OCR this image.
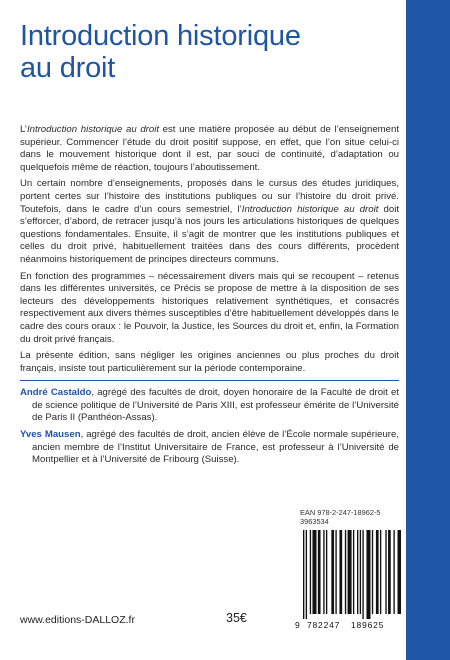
Introduction historique
au droit

L’Introduction historique au droit est une matière proposée au début de l’enseignement supérieur. Commencer l’étude du droit positif suppose, en effet, que l’on situe celui-ci dans le mouvement historique dont il est, par souci de continuité, d’adaptation ou quelquefois même de réaction, toujours l’aboutissement.

Un certain nombre d’enseignements, proposés dans le cursus des études juridiques, portent certes sur l’histoire des institutions publiques ou sur l’histoire du droit privé. Toutefois, dans le cadre d’un cours semestriel, l’Introduction historique au droit doit s’efforcer, d’abord, de retracer jusqu’à nos jours les articulations historiques de quelques questions fondamentales. Ensuite, il s’agit de montrer que les institutions publiques et celles du droit privé, habituellement traitées dans des cours différents, procèdent néanmoins historiquement de principes directeurs communs.

En fonction des programmes – nécessairement divers mais qui se recoupent – retenus dans les différentes universités, ce Précis se propose de mettre à la disposition de ses lecteurs des développements historiques relativement synthétiques, et consacrés respectivement aux divers thèmes susceptibles d’être habituellement développés dans le cadre des cours oraux : le Pouvoir, la Justice, les Sources du droit et, enfin, la Formation du droit privé français.

La présente édition, sans négliger les origines anciennes ou plus proches du droit français, insiste tout particulièrement sur la période contemporaine.

André Castaldo, agrégé des facultés de droit, doyen honoraire de la Faculté de droit et de science politique de l’Université de Paris XIII, est professeur émérite de l’Université de Paris II (Panthéon-Assas).

Yves Mausen, agrégé des facultés de droit, ancien élève de l’École normale supérieure, ancien membre de l’Institut Universitaire de France, est professeur à l’Université de Montpellier et à l’Université de Fribourg (Suisse).

EAN 978-2-247-18962-5
3963534
9 782247 189625
www.editions-DALLOZ.fr	35€
